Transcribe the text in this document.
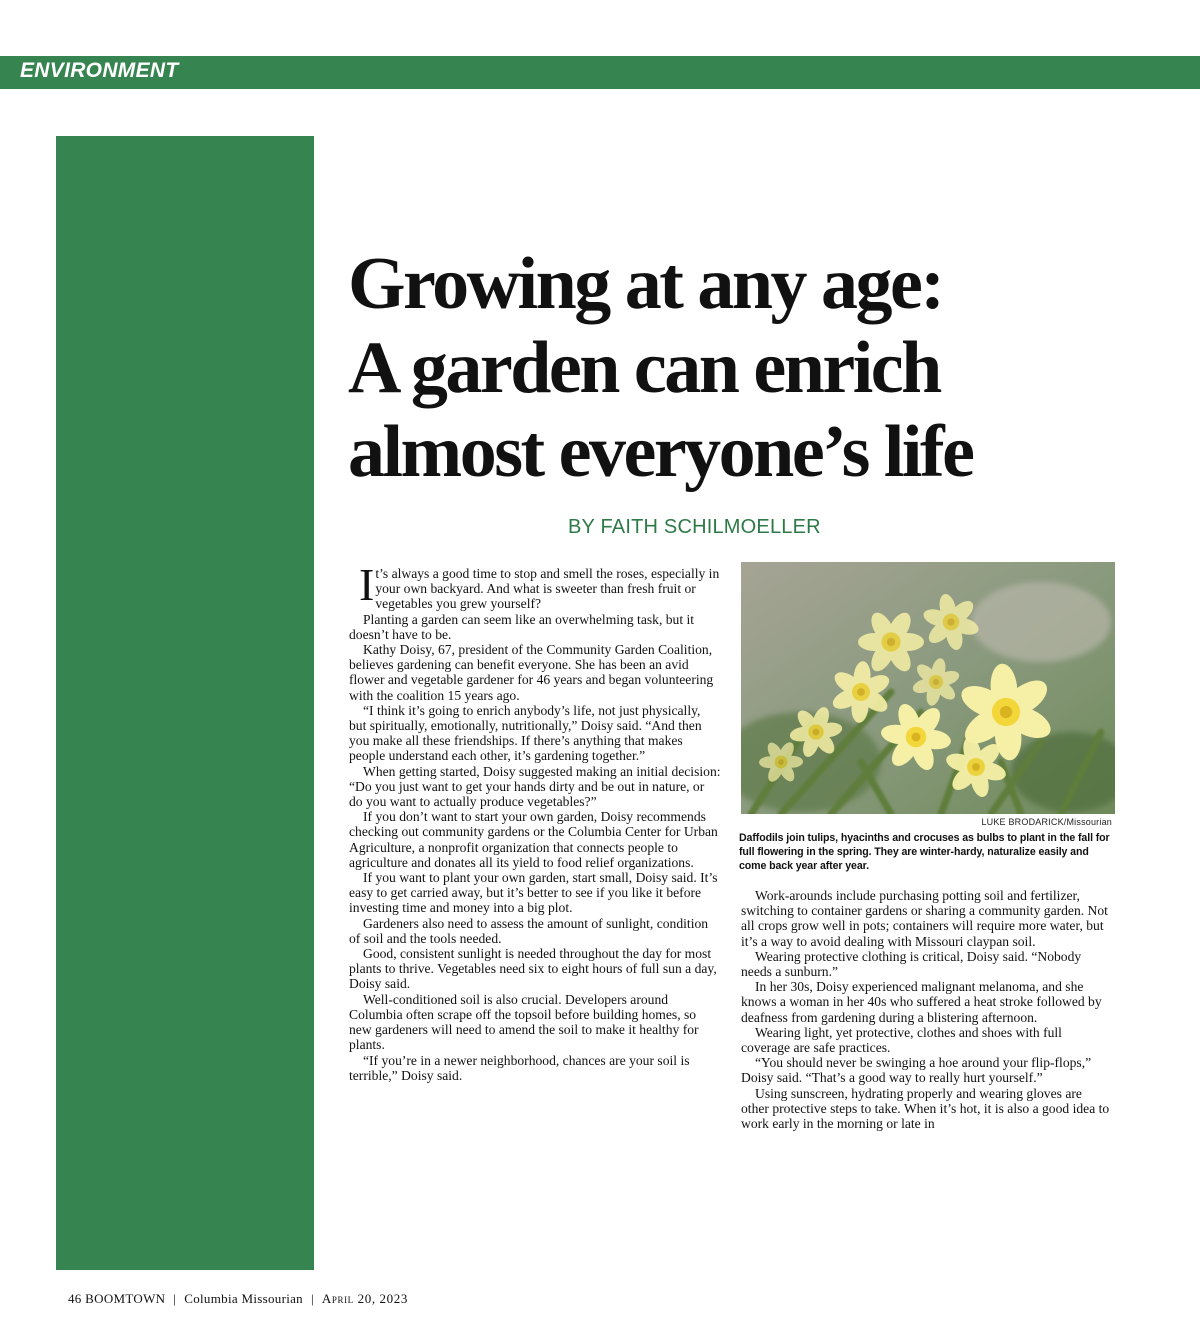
ENVIRONMENT
Growing at any age:
A garden can enrich
almost everyone’s life
BY FAITH SCHILMOELLER

It’s always a good time to stop and smell the roses, especially in your own backyard. And what is sweeter than fresh fruit or vegetables you grew yourself?

Planting a garden can seem like an overwhelming task, but it doesn’t have to be.

Kathy Doisy, 67, president of the Community Garden Coalition, believes gardening can benefit everyone. She has been an avid flower and vegetable gardener for 46 years and began volunteering with the coalition 15 years ago.

“I think it’s going to enrich anybody’s life, not just physically, but spiritually, emotionally, nutritionally,” Doisy said. “And then you make all these friendships. If there’s anything that makes people understand each other, it’s gardening together.”

When getting started, Doisy suggested making an initial decision: “Do you just want to get your hands dirty and be out in nature, or do you want to actually produce vegetables?”

If you don’t want to start your own garden, Doisy recommends checking out community gardens or the Columbia Center for Urban Agriculture, a nonprofit organization that connects people to agriculture and donates all its yield to food relief organizations.

If you want to plant your own garden, start small, Doisy said. It’s easy to get carried away, but it’s better to see if you like it before investing time and money into a big plot.

Gardeners also need to assess the amount of sunlight, condition of soil and the tools needed.

Good, consistent sunlight is needed throughout the day for most plants to thrive. Vegetables need six to eight hours of full sun a day, Doisy said.

Well-conditioned soil is also crucial. Developers around Columbia often scrape off the topsoil before building homes, so new gardeners will need to amend the soil to make it healthy for plants.

“If you’re in a newer neighborhood, chances are your soil is terrible,” Doisy said.

LUKE BRODARICK/Missourian
Daffodils join tulips, hyacinths and crocuses as bulbs to plant in the fall for full flowering in the spring. They are winter-hardy, naturalize easily and come back year after year.

Work-arounds include purchasing potting soil and fertilizer, switching to container gardens or sharing a community garden. Not all crops grow well in pots; containers will require more water, but it’s a way to avoid dealing with Missouri claypan soil.

Wearing protective clothing is critical, Doisy said. “Nobody needs a sunburn.”

In her 30s, Doisy experienced malignant melanoma, and she knows a woman in her 40s who suffered a heat stroke followed by deafness from gardening during a blistering afternoon.

Wearing light, yet protective, clothes and shoes with full coverage are safe practices.

“You should never be swinging a hoe around your flip-flops,” Doisy said. “That’s a good way to really hurt yourself.”

Using sunscreen, hydrating properly and wearing gloves are other protective steps to take. When it’s hot, it is also a good idea to work early in the morning or late in

46 BOOMTOWN | Columbia Missourian | April 20, 2023
